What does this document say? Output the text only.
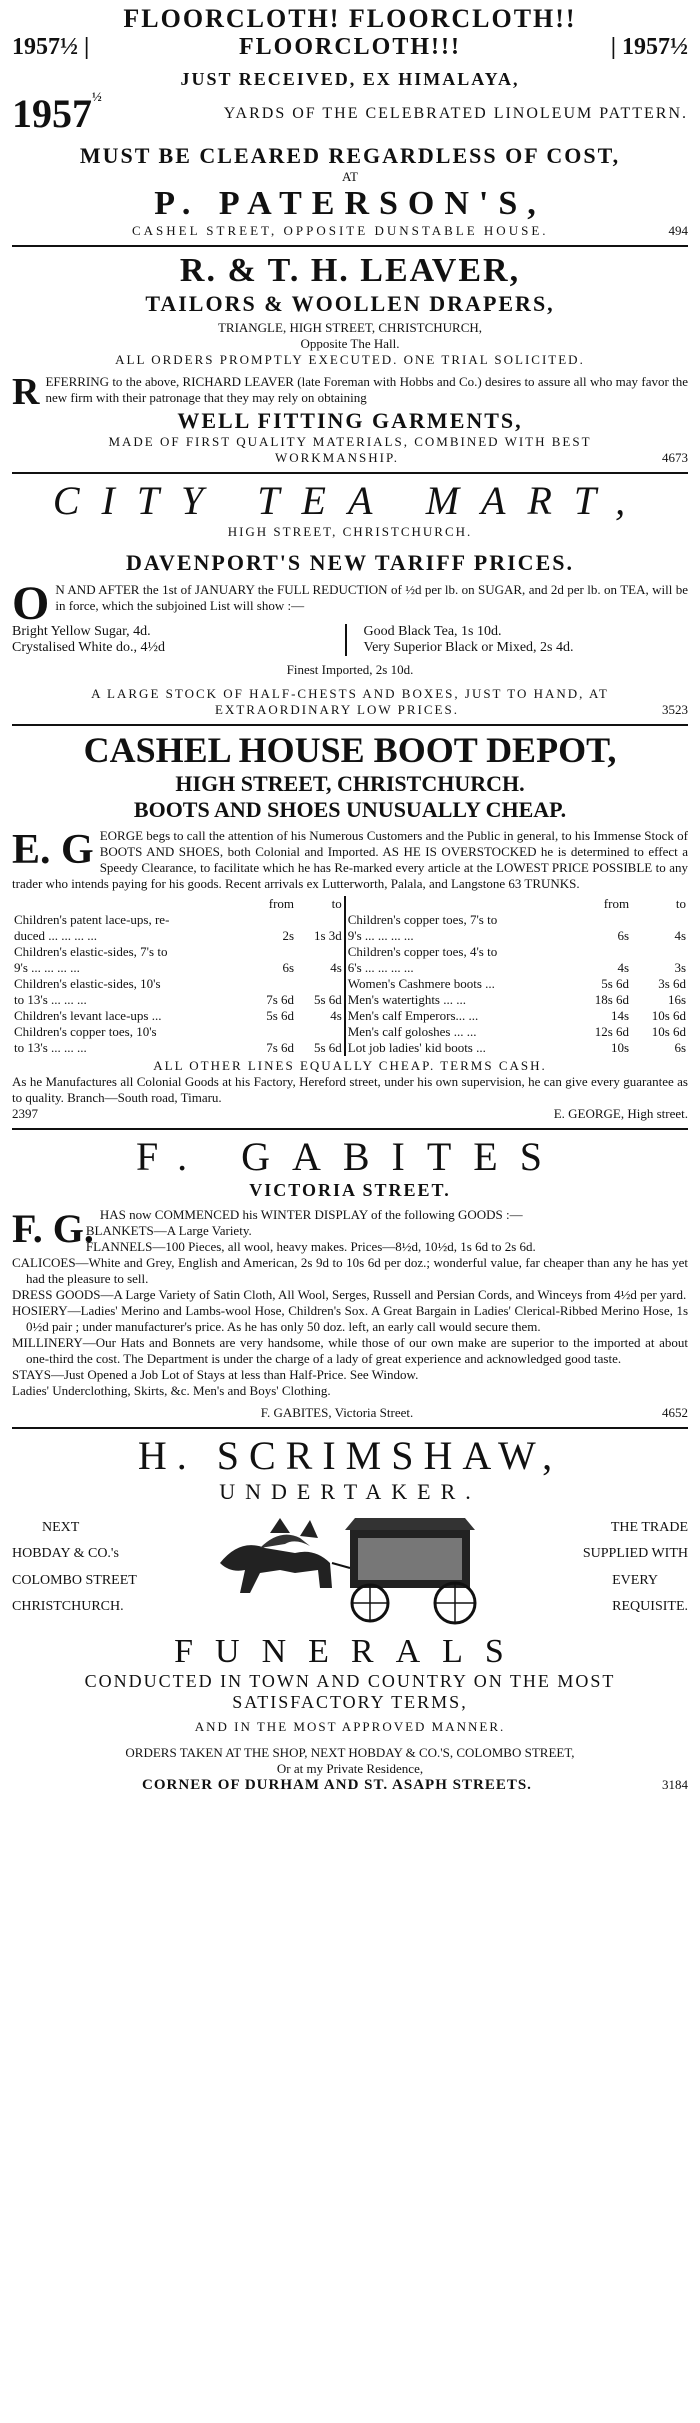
FLOORCLOTH! FLOORCLOTH!!
1957½ |	FLOORCLOTH!!!	| 1957½
JUST RECEIVED, EX HIMALAYA,
$1957^{\frac{1}{2}}$
YARDS OF THE CELEBRATED LINOLEUM PATTERN.
MUST BE CLEARED REGARDLESS OF COST,
AT
P. PATERSON'S,
CASHEL STREET, OPPOSITE DUNSTABLE HOUSE.	494
R. & T. H. LEAVER,
TAILORS & WOOLLEN DRAPERS,
TRIANGLE, HIGH STREET, CHRISTCHURCH,
Opposite The Hall.
ALL ORDERS PROMPTLY EXECUTED. ONE TRIAL SOLICITED.
REFERRING to the above, RICHARD LEAVER (late Foreman with Hobbs and Co.) desires to assure all who may favor the new firm with their patronage that they may rely on obtaining
WELL FITTING GARMENTS,
MADE OF FIRST QUALITY MATERIALS, COMBINED WITH BEST
WORKMANSHIP.	4673
CITY TEA MART,
HIGH STREET, CHRISTCHURCH.
DAVENPORT'S NEW TARIFF PRICES.
O N AND AFTER the 1st of JANUARY the FULL REDUCTION of ½d per lb. on SUGAR, and 2d per lb. on TEA, will be in force, which the subjoined List will show :—
Bright Yellow Sugar, 4d.
Crystalised White do., 4½d
Good Black Tea, 1s 10d.
Very Superior Black or Mixed, 2s 4d.
Finest Imported, 2s 10d.
A LARGE STOCK OF HALF-CHESTS AND BOXES, JUST TO HAND, AT
EXTRAORDINARY LOW PRICES.	3523
CASHEL HOUSE BOOT DEPOT,
HIGH STREET, CHRISTCHURCH.
BOOTS AND SHOES UNUSUALLY CHEAP.
E. G EORGE begs to call the attention of his Numerous Customers and the Public in general, to his Immense Stock of BOOTS AND SHOES, both Colonial and Imported. AS HE IS OVERSTOCKED he is determined to effect a Speedy Clearance, to facilitate which he has Re-marked every article at the LOWEST PRICE POSSIBLE to any trader who intends paying for his goods. Recent arrivals ex Lutterworth, Palala, and Langstone 63 TRUNKS.
	from	to		from	to
Children's patent lace-ups, re-			Children's copper toes, 7's to		
duced ... ... ... ...	2s	1s 3d	9's ... ... ... ...	6s	4s
Children's elastic-sides, 7's to			Children's copper toes, 4's to		
9's ... ... ... ...	6s	4s	6's ... ... ... ...	4s	3s
Children's elastic-sides, 10's			Women's Cashmere boots ...	5s 6d	3s 6d
to 13's ... ... ...	7s 6d	5s 6d	Men's watertights ... ...	18s 6d	16s
Children's levant lace-ups ...	5s 6d	4s	Men's calf Emperors... ...	14s	10s 6d
Children's copper toes, 10's			Men's calf goloshes ... ...	12s 6d	10s 6d
to 13's ... ... ...	7s 6d	5s 6d	Lot job ladies' kid boots ...	10s	6s
ALL OTHER LINES EQUALLY CHEAP. TERMS CASH.
As he Manufactures all Colonial Goods at his Factory, Hereford street, under his own supervision, he can give every guarantee as to quality. Branch—South road, Timaru.
2397	E. GEORGE, High street.
F. GABITES
VICTORIA STREET.
F. G. HAS now COMMENCED his WINTER DISPLAY of the following GOODS :—
BLANKETS—A Large Variety.
FLANNELS—100 Pieces, all wool, heavy makes. Prices—8½d, 10½d, 1s 6d to 2s 6d.
CALICOES—White and Grey, English and American, 2s 9d to 10s 6d per doz.; wonderful value, far cheaper than any he has yet had the pleasure to sell.
DRESS GOODS—A Large Variety of Satin Cloth, All Wool, Serges, Russell and Persian Cords, and Winceys from 4½d per yard.
HOSIERY—Ladies' Merino and Lambs-wool Hose, Children's Sox. A Great Bargain in Ladies' Clerical-Ribbed Merino Hose, 1s 0½d pair ; under manufacturer's price. As he has only 50 doz. left, an early call would secure them.
MILLINERY—Our Hats and Bonnets are very handsome, while those of our own make are superior to the imported at about one-third the cost. The Department is under the charge of a lady of great experience and acknowledged good taste.
STAYS—Just Opened a Job Lot of Stays at less than Half-Price. See Window.
Ladies' Underclothing, Skirts, &c. Men's and Boys' Clothing.
F. GABITES, Victoria Street.	4652
H. SCRIMSHAW,
UNDERTAKER.
NEXT
HOBDAY & CO.'s
COLOMBO STREET
CHRISTCHURCH.
THE TRADE
SUPPLIED WITH
EVERY
REQUISITE.
FUNERALS
CONDUCTED IN TOWN AND COUNTRY ON THE MOST
SATISFACTORY TERMS,
AND IN THE MOST APPROVED MANNER.
ORDERS TAKEN AT THE SHOP, NEXT HOBDAY & CO.'S, COLOMBO STREET,
Or at my Private Residence,
CORNER OF DURHAM AND ST. ASAPH STREETS.	3184
